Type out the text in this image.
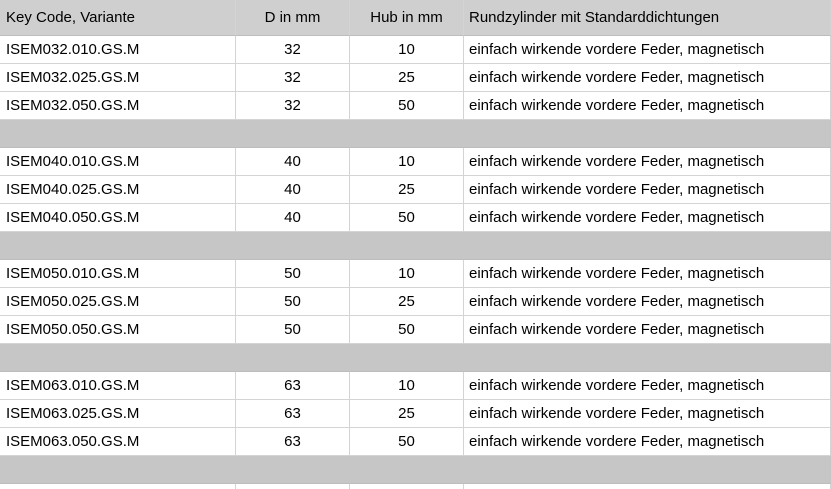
Key Code, Variante	D in mm	Hub in mm	Rundzylinder mit Standarddichtungen
ISEM032.010.GS.M	32	10	einfach wirkende vordere Feder, magnetisch
ISEM032.025.GS.M	32	25	einfach wirkende vordere Feder, magnetisch
ISEM032.050.GS.M	32	50	einfach wirkende vordere Feder, magnetisch
ISEM040.010.GS.M	40	10	einfach wirkende vordere Feder, magnetisch
ISEM040.025.GS.M	40	25	einfach wirkende vordere Feder, magnetisch
ISEM040.050.GS.M	40	50	einfach wirkende vordere Feder, magnetisch
ISEM050.010.GS.M	50	10	einfach wirkende vordere Feder, magnetisch
ISEM050.025.GS.M	50	25	einfach wirkende vordere Feder, magnetisch
ISEM050.050.GS.M	50	50	einfach wirkende vordere Feder, magnetisch
ISEM063.010.GS.M	63	10	einfach wirkende vordere Feder, magnetisch
ISEM063.025.GS.M	63	25	einfach wirkende vordere Feder, magnetisch
ISEM063.050.GS.M	63	50	einfach wirkende vordere Feder, magnetisch
